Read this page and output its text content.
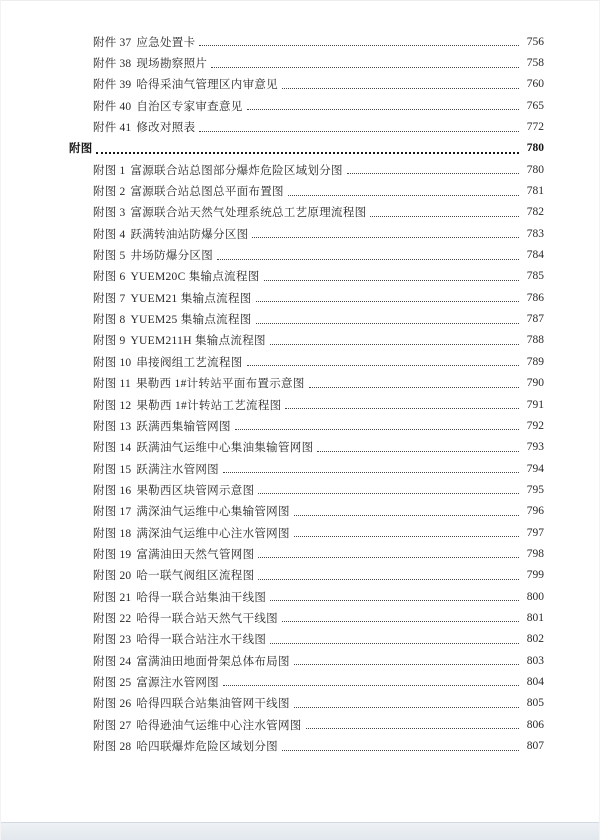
附件 37 应急处置卡	756
附件 38 现场勘察照片	758
附件 39 哈得采油气管理区内审意见	760
附件 40 自治区专家审查意见	765
附件 41 修改对照表	772
附图	780
附图 1 富源联合站总图部分爆炸危险区域划分图	780
附图 2 富源联合站总图总平面布置图	781
附图 3 富源联合站天然气处理系统总工艺原理流程图	782
附图 4 跃满转油站防爆分区图	783
附图 5 井场防爆分区图	784
附图 6 YUEM20C 集输点流程图	785
附图 7 YUEM21 集输点流程图	786
附图 8 YUEM25 集输点流程图	787
附图 9 YUEM211H 集输点流程图	788
附图 10 串接阀组工艺流程图	789
附图 11 果勒西 1#计转站平面布置示意图	790
附图 12 果勒西 1#计转站工艺流程图	791
附图 13 跃满西集输管网图	792
附图 14 跃满油气运维中心集油集输管网图	793
附图 15 跃满注水管网图	794
附图 16 果勒西区块管网示意图	795
附图 17 满深油气运维中心集输管网图	796
附图 18 满深油气运维中心注水管网图	797
附图 19 富满油田天然气管网图	798
附图 20 哈一联气阀组区流程图	799
附图 21 哈得一联合站集油干线图	800
附图 22 哈得一联合站天然气干线图	801
附图 23 哈得一联合站注水干线图	802
附图 24 富满油田地面骨架总体布局图	803
附图 25 富源注水管网图	804
附图 26 哈得四联合站集油管网干线图	805
附图 27 哈得逊油气运维中心注水管网图	806
附图 28 哈四联爆炸危险区域划分图	807
